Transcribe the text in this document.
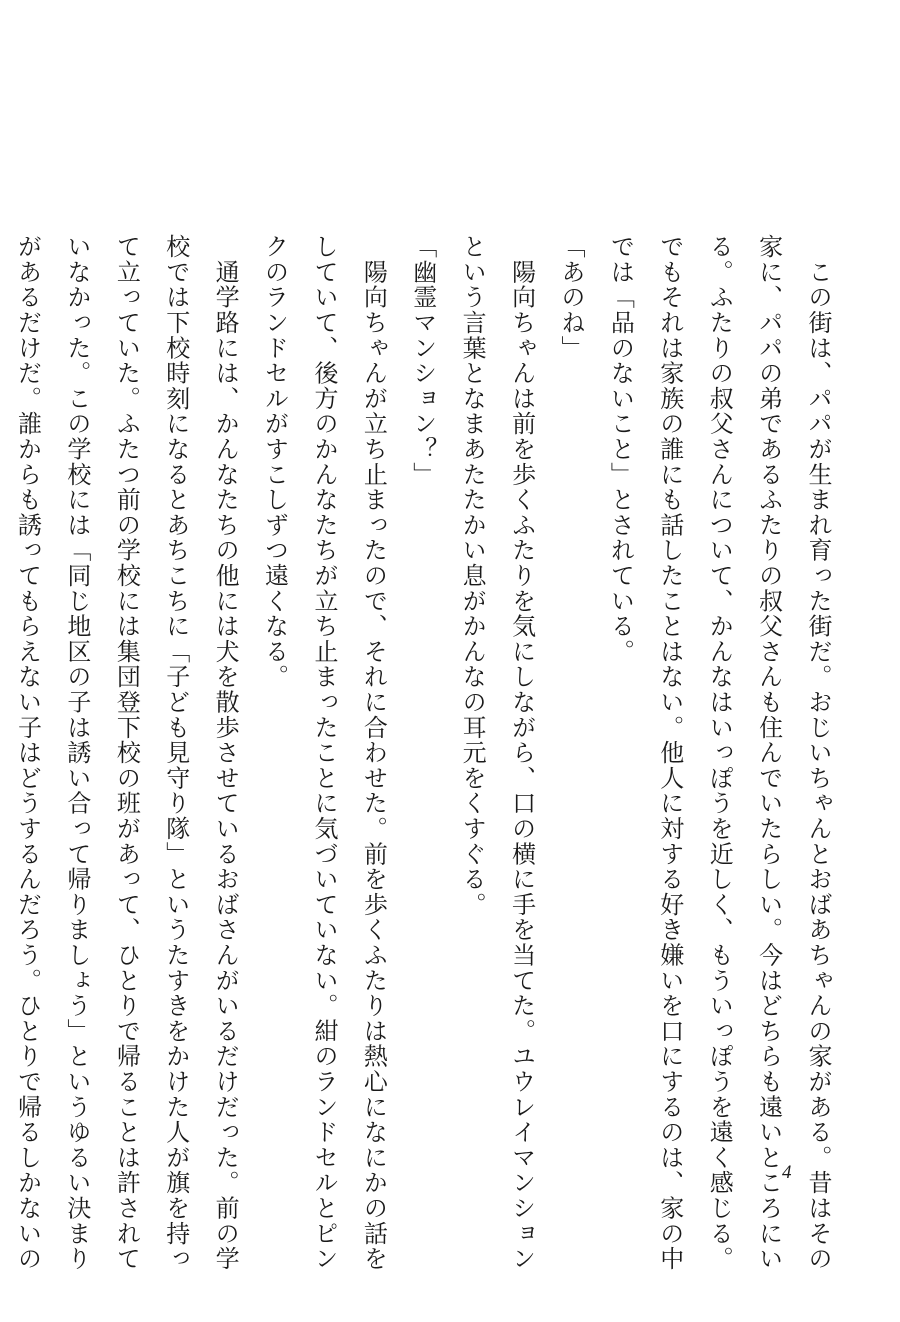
　この街は、パパが生まれ育った街だ。おじいちゃんとおばあちゃんの家がある。昔はその
家に、パパの弟であるふたりの叔父さんも住んでいたらしい。今はどちらも遠いところにい
る。ふたりの叔父さんについて、かんなはいっぽうを近しく、もういっぽうを遠く感じる。
でもそれは家族の誰にも話したことはない。他人に対する好き嫌いを口にするのは、家の中
では「品のないこと」とされている。
「あのね」
　陽向ちゃんは前を歩くふたりを気にしながら、口の横に手を当てた。ユウレイマンション
という言葉となまあたたかい息がかんなの耳元をくすぐる。
「幽霊マンション？」
　陽向ちゃんが立ち止まったので、それに合わせた。前を歩くふたりは熱心になにかの話を
していて、後方のかんなたちが立ち止まったことに気づいていない。紺のランドセルとピン
クのランドセルがすこしずつ遠くなる。
　通学路には、かんなたちの他には犬を散歩させているおばさんがいるだけだった。前の学
校では下校時刻になるとあちこちに「子ども見守り隊」というたすきをかけた人が旗を持っ
て立っていた。ふたつ前の学校には集団登下校の班があって、ひとりで帰ることは許されて
いなかった。この学校には「同じ地区の子は誘い合って帰りましょう」というゆるい決まり
があるだけだ。誰からも誘ってもらえない子はどうするんだろう。ひとりで帰るしかないの	4
